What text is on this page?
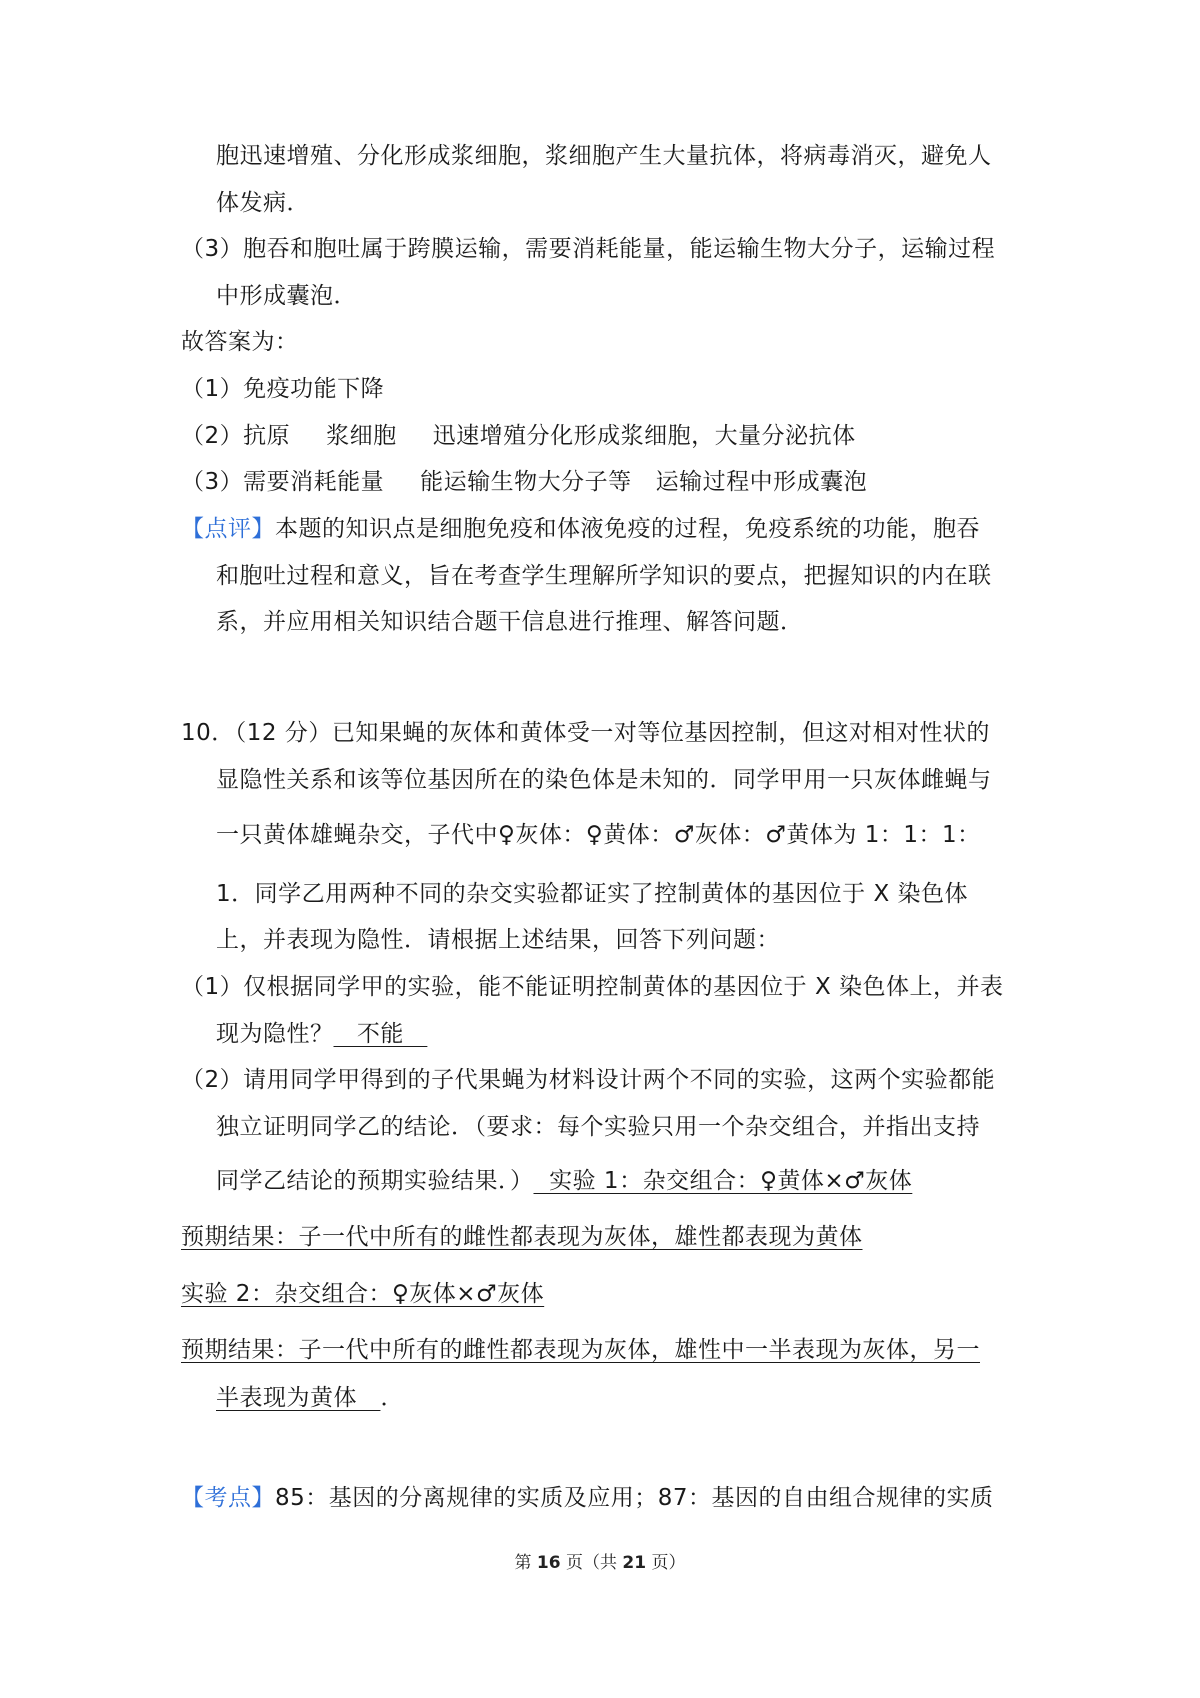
胞迅速增殖、分化形成浆细胞，浆细胞产生大量抗体，将病毒消灭，避免人
体发病．
（3）胞吞和胞吐属于跨膜运输，需要消耗能量，能运输生物大分子，运输过程
中形成囊泡．
故答案为：
（1）免疫功能下降
（2）抗原 浆细胞 迅速增殖分化形成浆细胞，大量分泌抗体
（3）需要消耗能量 能运输生物大分子等 运输过程中形成囊泡
【点评】本题的知识点是细胞免疫和体液免疫的过程，免疫系统的功能，胞吞
和胞吐过程和意义，旨在考查学生理解所学知识的要点，把握知识的内在联
系，并应用相关知识结合题干信息进行推理、解答问题．
10．（12 分）已知果蝇的灰体和黄体受一对等位基因控制，但这对相对性状的
显隐性关系和该等位基因所在的染色体是未知的．同学甲用一只灰体雌蝇与
一只黄体雄蝇杂交，子代中♀灰体：♀黄体：♂灰体：♂黄体为 1：1：1：
1．同学乙用两种不同的杂交实验都证实了控制黄体的基因位于 X 染色体
上，并表现为隐性．请根据上述结果，回答下列问题：
（1）仅根据同学甲的实验，能不能证明控制黄体的基因位于 X 染色体上，并表
现为隐性？   不能
（2）请用同学甲得到的子代果蝇为材料设计两个不同的实验，这两个实验都能
独立证明同学乙的结论．（要求：每个实验只用一个杂交组合，并指出支持
同学乙结论的预期实验结果．）  实验 1：杂交组合：♀黄体×♂灰体
预期结果：子一代中所有的雌性都表现为灰体，雄性都表现为黄体
实验 2：杂交组合：♀灰体×♂灰体
预期结果：子一代中所有的雌性都表现为灰体，雄性中一半表现为灰体，另一
半表现为黄体   ．
【考点】85：基因的分离规律的实质及应用；87：基因的自由组合规律的实质
第 16 页（共 21 页）
